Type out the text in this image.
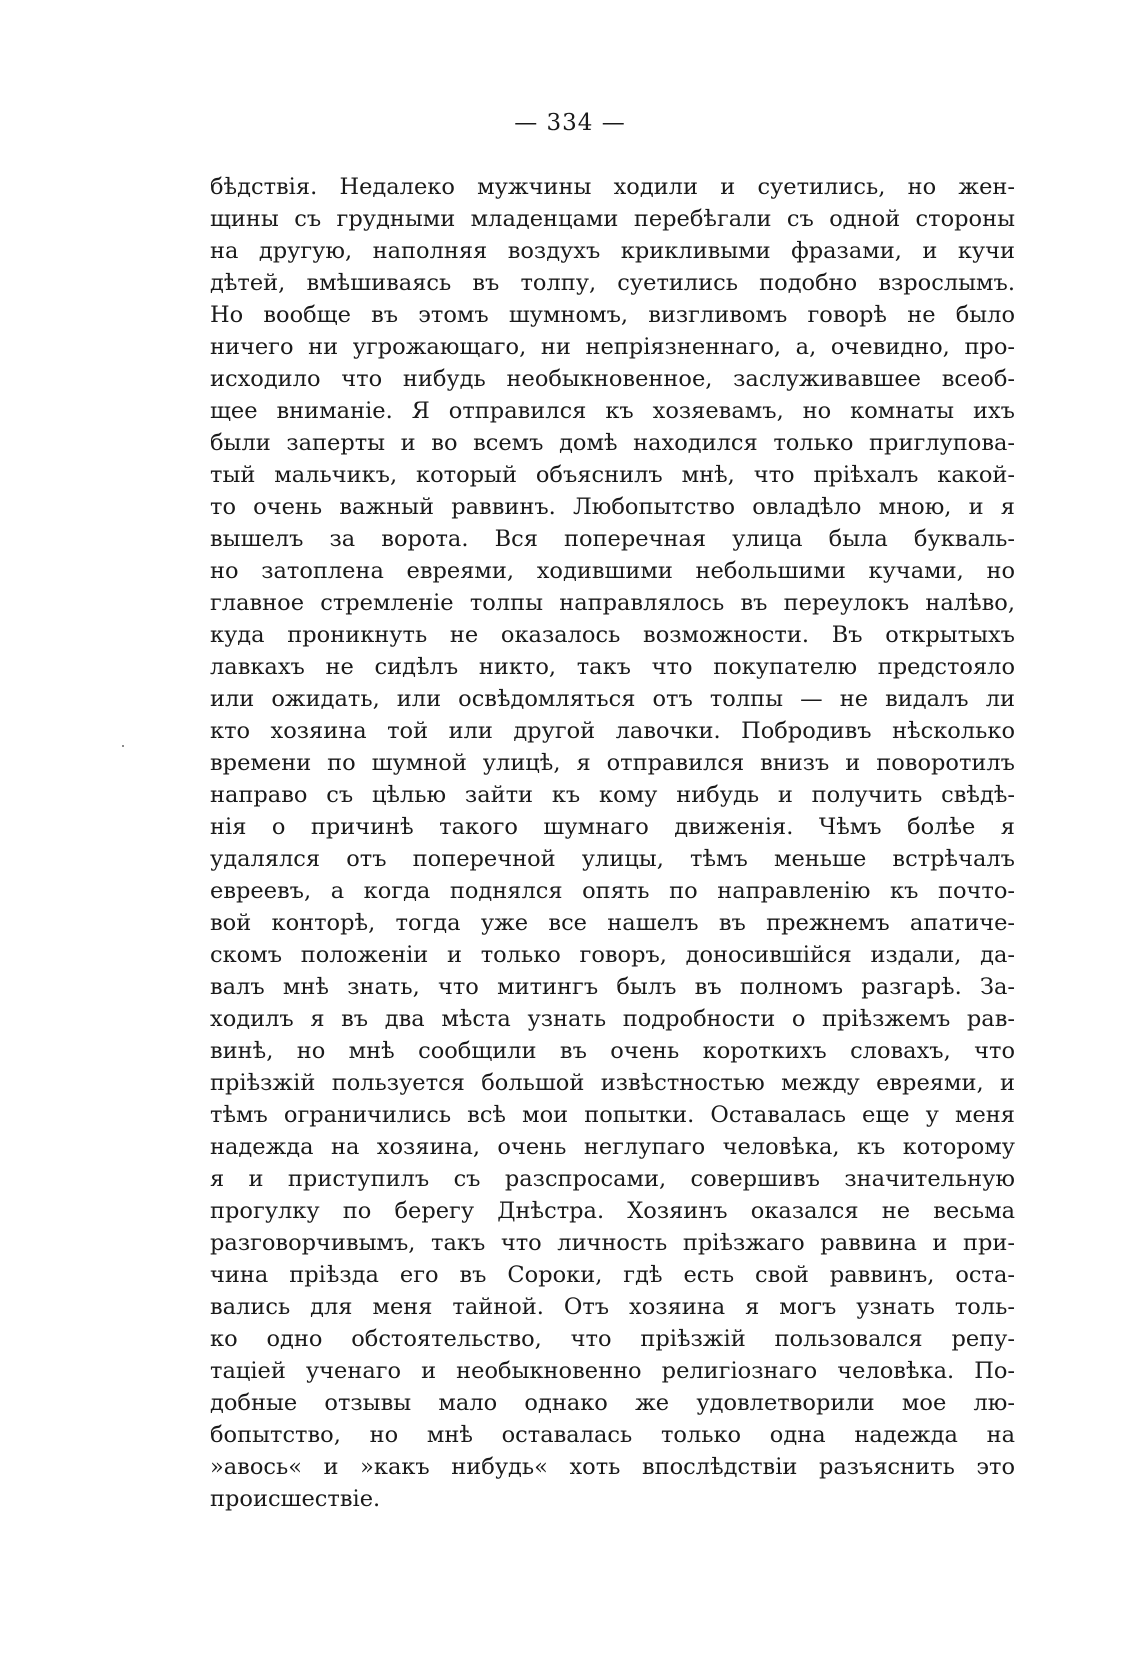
— 334 —
бѣдствія. Недалеко мужчины ходили и суетились, но жен-
щины съ грудными младенцами перебѣгали съ одной стороны
на другую, наполняя воздухъ крикливыми фразами, и кучи
дѣтей, вмѣшиваясь въ толпу, суетились подобно взрослымъ.
Но вообще въ этомъ шумномъ, визгливомъ говорѣ не было
ничего ни угрожающаго, ни непріязненнаго, а, очевидно, про-
исходило что нибудь необыкновенное, заслуживавшее всеоб-
щее вниманіе. Я отправился къ хозяевамъ, но комнаты ихъ
были заперты и во всемъ домѣ находился только приглупова-
тый мальчикъ, который объяснилъ мнѣ, что пріѣхалъ какой-
то очень важный раввинъ. Любопытство овладѣло мною, и я
вышелъ за ворота. Вся поперечная улица была букваль-
но затоплена евреями, ходившими небольшими кучами, но
главное стремленіе толпы направлялось въ переулокъ налѣво,
куда проникнуть не оказалось возможности. Въ открытыхъ
лавкахъ не сидѣлъ никто, такъ что покупателю предстояло
или ожидать, или освѣдомляться отъ толпы — не видалъ ли
кто хозяина той или другой лавочки. Побродивъ нѣсколько
времени по шумной улицѣ, я отправился внизъ и поворотилъ
направо съ цѣлью зайти къ кому нибудь и получить свѣдѣ-
нія о причинѣ такого шумнаго движенія. Чѣмъ болѣе я
удалялся отъ поперечной улицы, тѣмъ меньше встрѣчалъ
евреевъ, а когда поднялся опять по направленію къ почто-
вой конторѣ, тогда уже все нашелъ въ прежнемъ апатиче-
скомъ положеніи и только говоръ, доносившійся издали, да-
валъ мнѣ знать, что митингъ былъ въ полномъ разгарѣ. За-
ходилъ я въ два мѣста узнать подробности о пріѣзжемъ рав-
винѣ, но мнѣ сообщили въ очень короткихъ словахъ, что
пріѣзжій пользуется большой извѣстностью между евреями, и
тѣмъ ограничились всѣ мои попытки. Оставалась еще у меня
надежда на хозяина, очень неглупаго человѣка, къ которому
я и приступилъ съ разспросами, совершивъ значительную
прогулку по берегу Днѣстра. Хозяинъ оказался не весьма
разговорчивымъ, такъ что личность пріѣзжаго раввина и при-
чина пріѣзда его въ Сороки, гдѣ есть свой раввинъ, оста-
вались для меня тайной. Отъ хозяина я могъ узнать толь-
ко одно обстоятельство, что пріѣзжій пользовался репу-
таціей ученаго и необыкновенно религіознаго человѣка. По-
добные отзывы мало однако же удовлетворили мое лю-
бопытство, но мнѣ оставалась только одна надежда на
»авось« и »какъ нибудь« хоть впослѣдствіи разъяснить это
происшествіе.
